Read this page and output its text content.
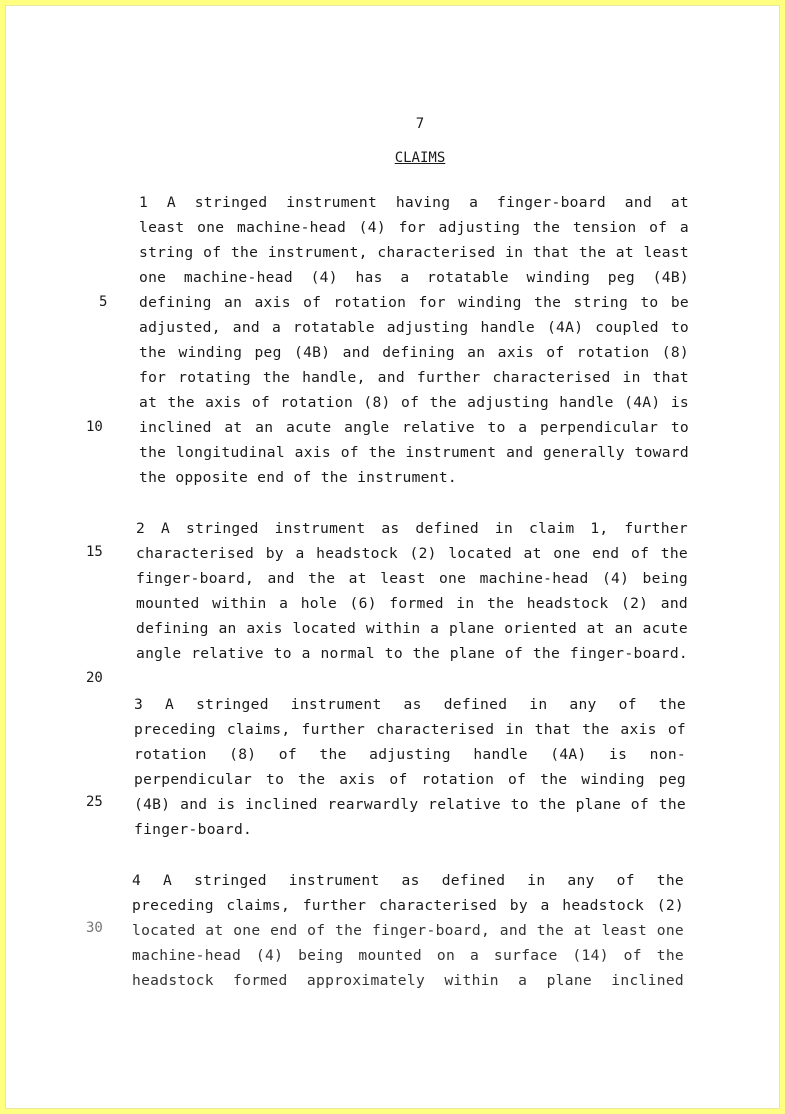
7
CLAIMS
5
10
15
20
25
30
1 A stringed instrument having a finger-board and at
least one machine-head (4) for adjusting the tension of a
string of the instrument, characterised in that the at least
one machine-head (4) has a rotatable winding peg (4B)
defining an axis of rotation for winding the string to be
adjusted, and a rotatable adjusting handle (4A) coupled to
the winding peg (4B) and defining an axis of rotation (8)
for rotating the handle, and further characterised in that
at the axis of rotation (8) of the adjusting handle (4A) is
inclined at an acute angle relative to a perpendicular to
the longitudinal axis of the instrument and generally toward
the opposite end of the instrument.
2 A stringed instrument as defined in claim 1, further
characterised by a headstock (2) located at one end of the
finger-board, and the at least one machine-head (4) being
mounted within a hole (6) formed in the headstock (2) and
defining an axis located within a plane oriented at an acute
angle relative to a normal to the plane of the finger-board.
3 A stringed instrument as defined in any of the
preceding claims, further characterised in that the axis of
rotation (8) of the adjusting handle (4A) is non-
perpendicular to the axis of rotation of the winding peg
(4B) and is inclined rearwardly relative to the plane of the
finger-board.
4 A stringed instrument as defined in any of the
preceding claims, further characterised by a headstock (2)
located at one end of the finger-board, and the at least one
machine-head (4) being mounted on a surface (14) of the
headstock formed approximately within a plane inclined
